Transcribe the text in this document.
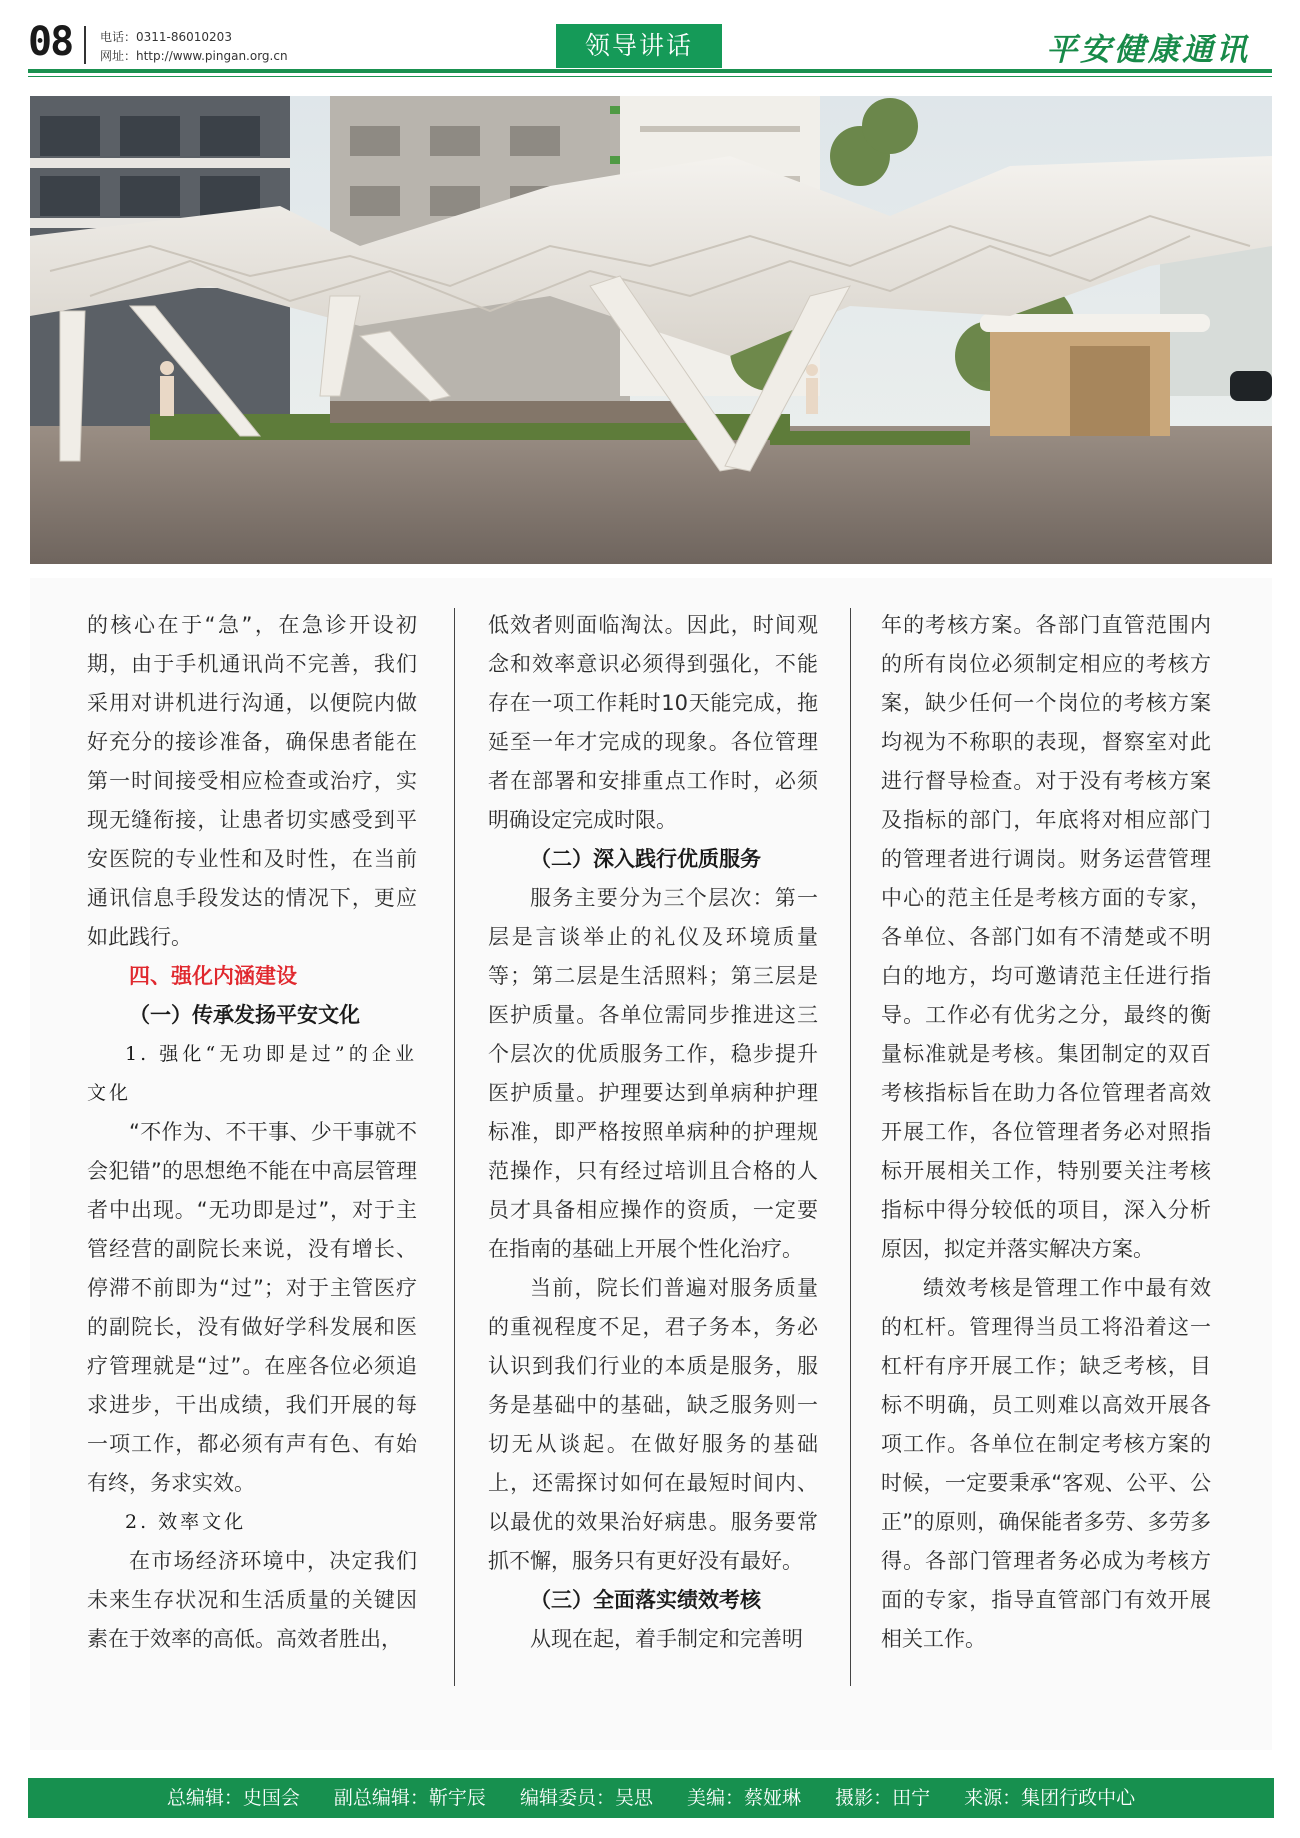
08 电话：0311-86010203
网址：http://www.pingan.org.cn	领导讲话	平安健康通讯

的核心在于“急”，在急诊开设初期，由于手机通讯尚不完善，我们采用对讲机进行沟通，以便院内做好充分的接诊准备，确保患者能在第一时间接受相应检查或治疗，实现无缝衔接，让患者切实感受到平安医院的专业性和及时性，在当前通讯信息手段发达的情况下，更应如此践行。

四、强化内涵建设

（一）传承发扬平安文化

1. 强化“无功即是过”的企业文化

“不作为、不干事、少干事就不会犯错”的思想绝不能在中高层管理者中出现。“无功即是过”，对于主管经营的副院长来说，没有增长、停滞不前即为“过”；对于主管医疗的副院长，没有做好学科发展和医疗管理就是“过”。在座各位必须追求进步，干出成绩，我们开展的每一项工作，都必须有声有色、有始有终，务求实效。

2. 效率文化

在市场经济环境中，决定我们未来生存状况和生活质量的关键因素在于效率的高低。高效者胜出，

低效者则面临淘汰。因此，时间观念和效率意识必须得到强化，不能存在一项工作耗时10天能完成，拖延至一年才完成的现象。各位管理者在部署和安排重点工作时，必须明确设定完成时限。

（二）深入践行优质服务

服务主要分为三个层次：第一层是言谈举止的礼仪及环境质量等；第二层是生活照料；第三层是医护质量。各单位需同步推进这三个层次的优质服务工作，稳步提升医护质量。护理要达到单病种护理标准，即严格按照单病种的护理规范操作，只有经过培训且合格的人员才具备相应操作的资质，一定要在指南的基础上开展个性化治疗。

当前，院长们普遍对服务质量的重视程度不足，君子务本，务必认识到我们行业的本质是服务，服务是基础中的基础，缺乏服务则一切无从谈起。在做好服务的基础上，还需探讨如何在最短时间内、以最优的效果治好病患。服务要常抓不懈，服务只有更好没有最好。

（三）全面落实绩效考核

从现在起，着手制定和完善明

年的考核方案。各部门直管范围内的所有岗位必须制定相应的考核方案，缺少任何一个岗位的考核方案均视为不称职的表现，督察室对此进行督导检查。对于没有考核方案及指标的部门，年底将对相应部门的管理者进行调岗。财务运营管理中心的范主任是考核方面的专家，各单位、各部门如有不清楚或不明白的地方，均可邀请范主任进行指导。工作必有优劣之分，最终的衡量标准就是考核。集团制定的双百考核指标旨在助力各位管理者高效开展工作，各位管理者务必对照指标开展相关工作，特别要关注考核指标中得分较低的项目，深入分析原因，拟定并落实解决方案。

绩效考核是管理工作中最有效的杠杆。管理得当员工将沿着这一杠杆有序开展工作；缺乏考核，目标不明确，员工则难以高效开展各项工作。各单位在制定考核方案的时候，一定要秉承“客观、公平、公正”的原则，确保能者多劳、多劳多得。各部门管理者务必成为考核方面的专家，指导直管部门有效开展相关工作。

总编辑：史国会 副总编辑：靳宇辰 编辑委员：吴思 美编：蔡娅琳 摄影：田宁 来源：集团行政中心
